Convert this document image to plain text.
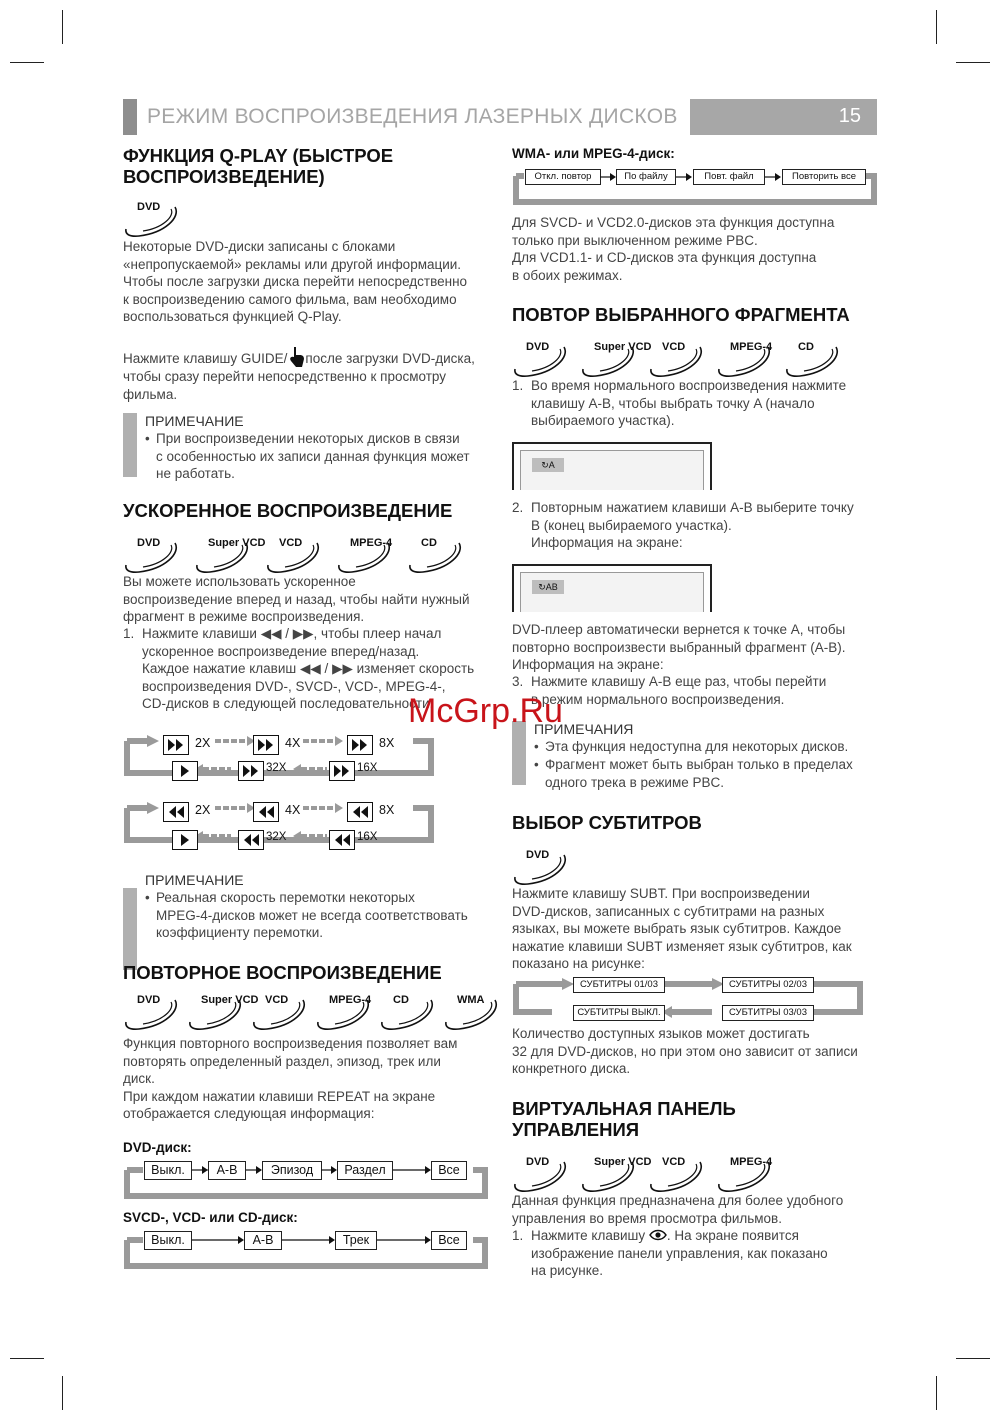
РЕЖИМ ВОСПРОИЗВЕДЕНИЯ ЛАЗЕРНЫХ ДИСКОВ	15
ФУНКЦИЯ Q-PLAY (БЫСТРОЕ
ВОСПРОИЗВЕДЕНИЕ)
DVD
Некоторые DVD-диски записаны с блоками
«непропускаемой» рекламы или другой информации.
Чтобы после загрузки диска перейти непосредственно
к воспроизведению самого фильма, вам необходимо
воспользоваться функцией Q-Play.
Нажмите клавишу GUIDE/ после загрузки DVD-диска,
чтобы сразу перейти непосредственно к просмотру
фильма.
ПРИМЕЧАНИЕ
• При воспроизведении некоторых дисков в связи
с особенностью их записи данная функция может
не работать.
УСКОРЕННОЕ ВОСПРОИЗВЕДЕНИЕ
DVD	Super VCD VCD	MPEG-4	CD
Вы можете использовать ускоренное
воспроизведение вперед и назад, чтобы найти нужный
фрагмент в режиме воспроизведения.
1. Нажмите клавиши ◀◀ / ▶▶, чтобы плеер начал
ускоренное воспроизведение вперед/назад.
Каждое нажатие клавиш ◀◀ / ▶▶ изменяет скорость
воспроизведения DVD-, SVCD-, VCD-, MPEG-4-,
CD-дисков в следующей последовательности:
2X	4X	8X
32X	16X
2X	4X	8X
32X	16X
ПРИМЕЧАНИЕ
• Реальная скорость перемотки некоторых
MPEG-4-дисков может не всегда соответствовать
коэффициенту перемотки.
ПОВТОРНОЕ ВОСПРОИЗВЕДЕНИЕ
DVD	Super VCD VCD	MPEG-4 CD	WMA
Функция повторного воспроизведения позволяет вам
повторять определенный раздел, эпизод, трек или
диск.
При каждом нажатии клавиши REPEAT на экране
отображается следующая информация:
DVD-диск:
Выкл.	A-B	Эпизод	Раздел	Все
SVCD-, VCD- или CD-диск:
Выкл.	A-B	Трек	Все
WMA- или MPEG-4-диск:
Откл. повтор	По файлу	Повт. файл	Повторить все
Для SVCD- и VCD2.0-дисков эта функция доступна
только при выключенном режиме PBC.
Для VCD1.1- и CD-дисков эта функция доступна
в обоих режимах.
ПОВТОР ВЫБРАННОГО ФРАГМЕНТА
DVD	Super VCD VCD	MPEG-4 CD
1. Во время нормального воспроизведения нажмите
клавишу A-B, чтобы выбрать точку A (начало
выбираемого участка).
↻A
2. Повторным нажатием клавиши A-B выберите точку
B (конец выбираемого участка).
Информация на экране:
↻AB
DVD-плеер автоматически вернется к точке A, чтобы
повторно воспроизвести выбранный фрагмент (A-B).
Информация на экране:
3. Нажмите клавишу A-B еще раз, чтобы перейти
в режим нормального воспроизведения.
ПРИМЕЧАНИЯ
• Эта функция недоступна для некоторых дисков.
• Фрагмент может быть выбран только в пределах
одного трека в режиме PBC.
ВЫБОР СУБТИТРОВ
DVD
Нажмите клавишу SUBT. При воспроизведении
DVD-дисков, записанных с субтитрами на разных
языках, вы можете выбрать язык субтитров. Каждое
нажатие клавиши SUBT изменяет язык субтитров, как
показано на рисунке:
СУБТИТРЫ 01/03	СУБТИТРЫ 02/03
СУБТИТРЫ ВЫКЛ.	СУБТИТРЫ 03/03
Количество доступных языков может достигать
32 для DVD-дисков, но при этом оно зависит от записи
конкретного диска.
ВИРТУАЛЬНАЯ ПАНЕЛЬ
УПРАВЛЕНИЯ
DVD	Super VCD VCD	MPEG-4
Данная функция предназначена для более удобного
управления во время просмотра фильмов.
1. Нажмите клавишу . На экране появится
изображение панели управления, как показано
на рисунке.
McGrp.Ru
